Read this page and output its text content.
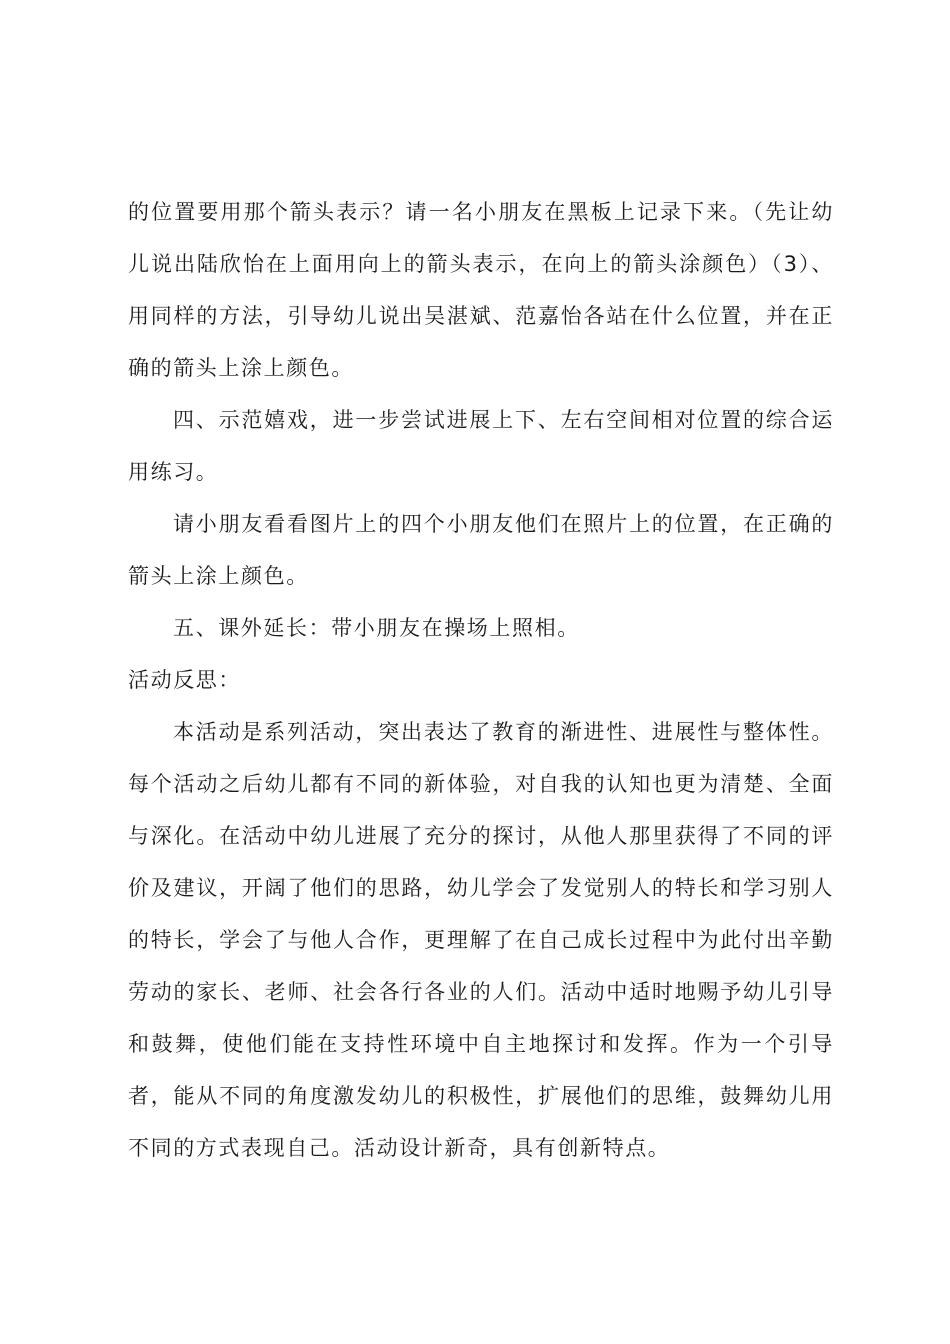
的位置要用那个箭头表示？请一名小朋友在黑板上记录下来。（先让幼儿说出陆欣怡在上面用向上的箭头表示，在向上的箭头涂颜色）（3）、用同样的方法，引导幼儿说出吴湛斌、范嘉怡各站在什么位置，并在正确的箭头上涂上颜色。

四、示范嬉戏，进一步尝试进展上下、左右空间相对位置的综合运用练习。

请小朋友看看图片上的四个小朋友他们在照片上的位置，在正确的箭头上涂上颜色。

五、课外延长：带小朋友在操场上照相。

活动反思：

本活动是系列活动，突出表达了教育的渐进性、进展性与整体性。每个活动之后幼儿都有不同的新体验，对自我的认知也更为清楚、全面与深化。在活动中幼儿进展了充分的探讨，从他人那里获得了不同的评价及建议，开阔了他们的思路，幼儿学会了发觉别人的特长和学习别人的特长，学会了与他人合作，更理解了在自己成长过程中为此付出辛勤劳动的家长、老师、社会各行各业的人们。活动中适时地赐予幼儿引导和鼓舞，使他们能在支持性环境中自主地探讨和发挥。作为一个引导者，能从不同的角度激发幼儿的积极性，扩展他们的思维，鼓舞幼儿用不同的方式表现自己。活动设计新奇，具有创新特点。
